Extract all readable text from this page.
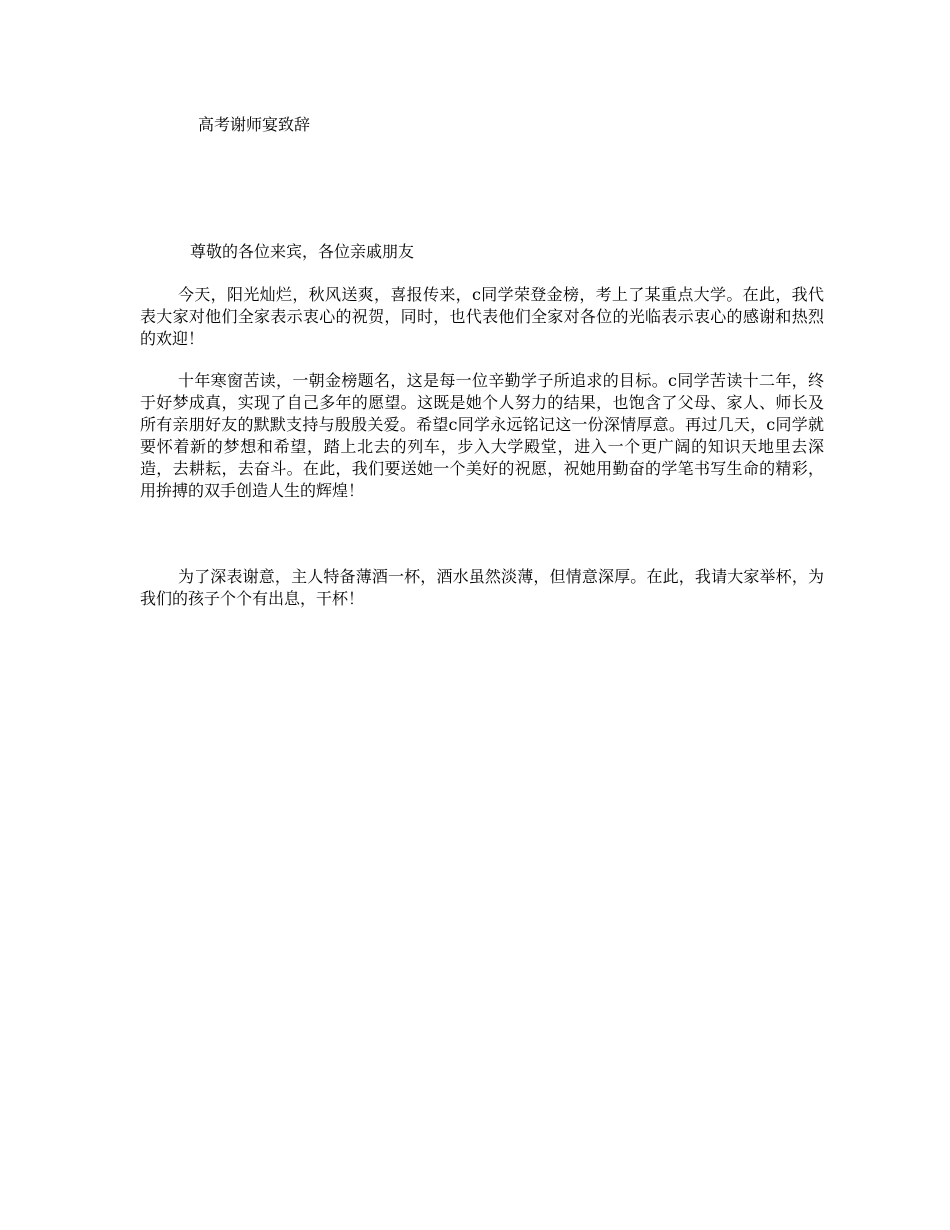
高考谢师宴致辞
尊敬的各位来宾，各位亲戚朋友

今天，阳光灿烂，秋风送爽，喜报传来，c同学荣登金榜，考上了某重点大学。在此，我代表大家对他们全家表示衷心的祝贺，同时，也代表他们全家对各位的光临表示衷心的感谢和热烈的欢迎！

十年寒窗苦读，一朝金榜题名，这是每一位辛勤学子所追求的目标。c同学苦读十二年，终于好梦成真，实现了自己多年的愿望。这既是她个人努力的结果，也饱含了父母、家人、师长及所有亲朋好友的默默支持与殷殷关爱。希望c同学永远铭记这一份深情厚意。再过几天，c同学就要怀着新的梦想和希望，踏上北去的列车，步入大学殿堂，进入一个更广阔的知识天地里去深造，去耕耘，去奋斗。在此，我们要送她一个美好的祝愿，祝她用勤奋的学笔书写生命的精彩，用拚搏的双手创造人生的辉煌！

为了深表谢意，主人特备薄酒一杯，酒水虽然淡薄，但情意深厚。在此，我请大家举杯，为我们的孩子个个有出息，干杯！
